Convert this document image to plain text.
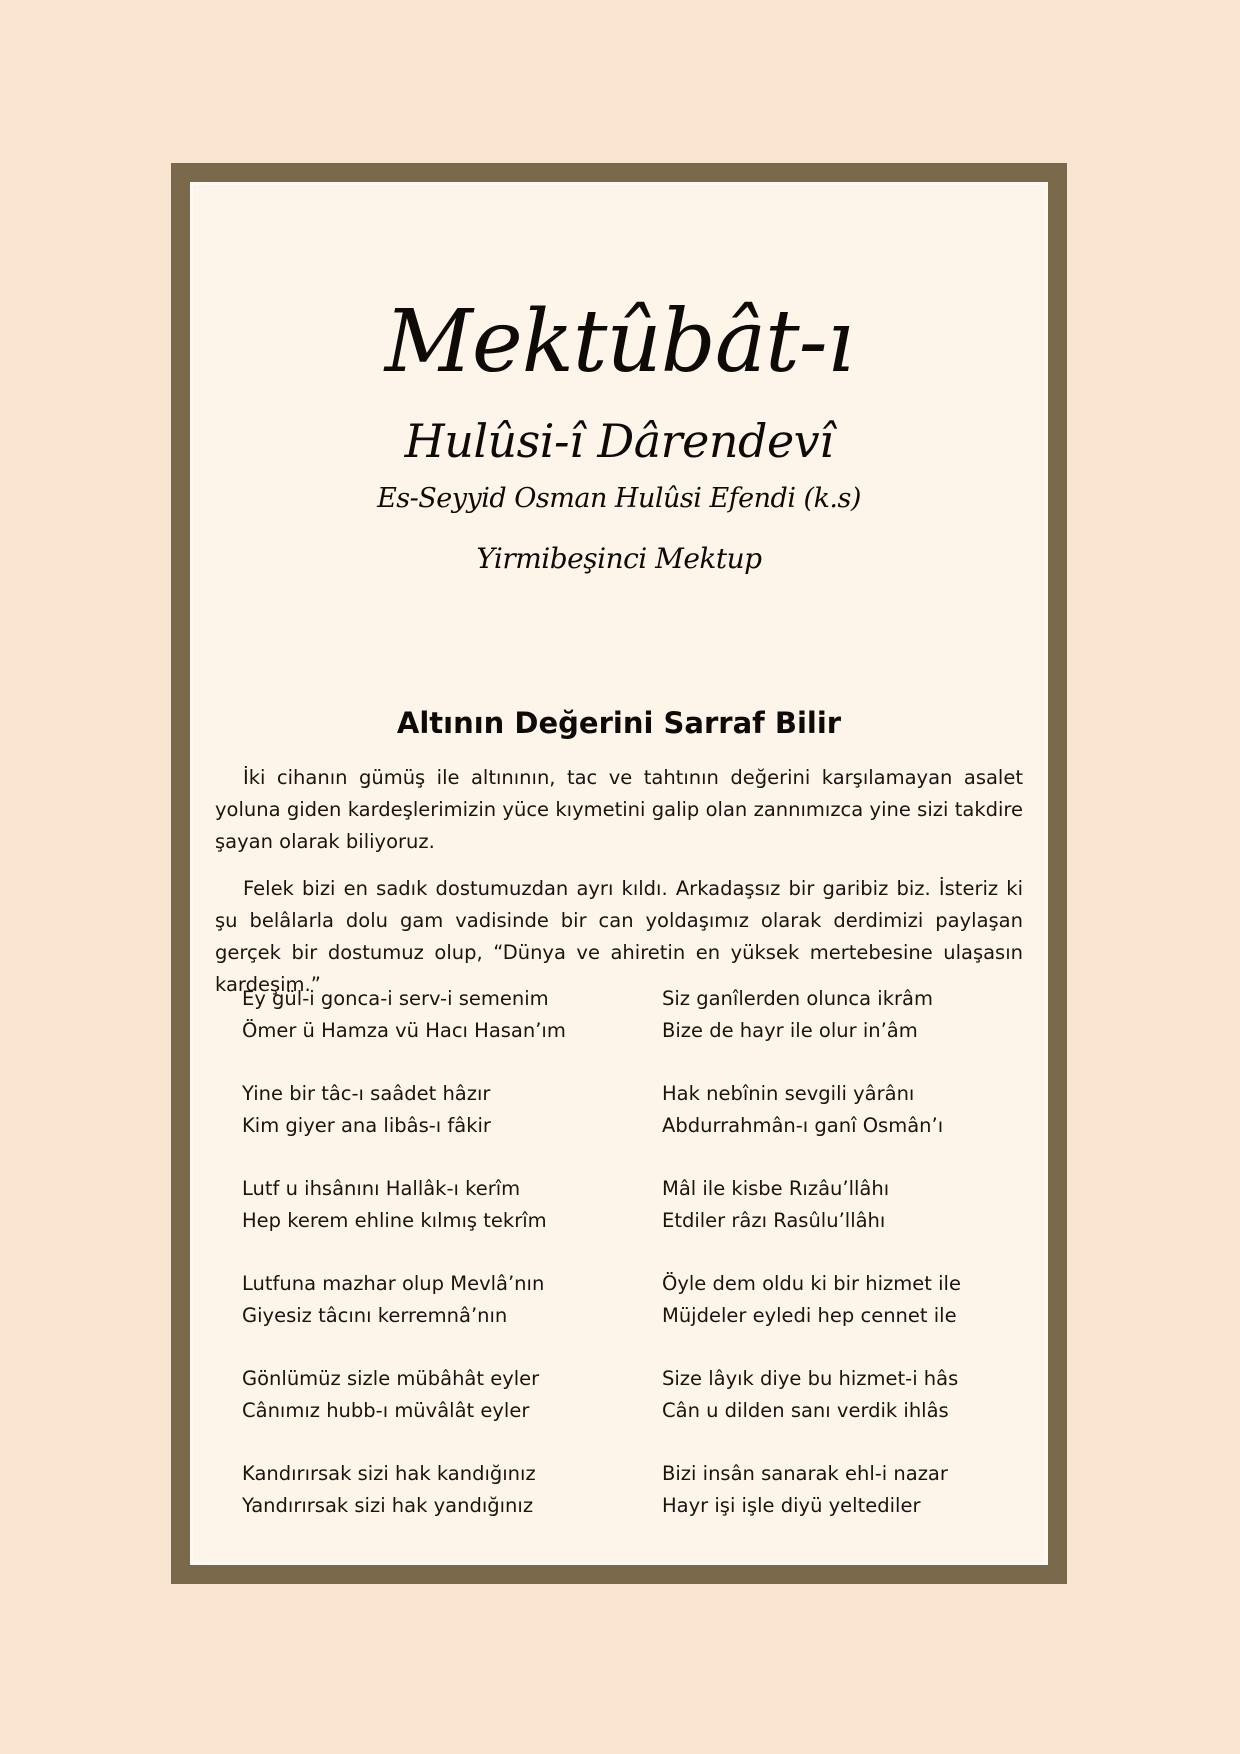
Mektûbât-ı
Hulûsi-î Dârendevî
Es-Seyyid Osman Hulûsi Efendi (k.s)
Yirmibeşinci Mektup
Altının Değerini Sarraf Bilir

İki cihanın gümüş ile altınının, tac ve tahtının değerini karşılamayan asalet yoluna giden kardeşlerimizin yüce kıymetini galip olan zannımızca yine sizi takdire şayan olarak biliyoruz.

Felek bizi en sadık dostumuzdan ayrı kıldı. Arkadaşsız bir garibiz biz. İsteriz ki şu belâlarla dolu gam vadisinde bir can yoldaşımız olarak derdimizi paylaşan gerçek bir dostumuz olup, “Dünya ve ahiretin en yüksek mertebesine ulaşasın kardeşim.”

Ey gül-i gonca-i serv-i semenim
Ömer ü Hamza vü Hacı Hasan’ım
Siz ganîlerden olunca ikrâm
Bize de hayr ile olur in’âm
Yine bir tâc-ı saâdet hâzır
Kim giyer ana libâs-ı fâkir
Hak nebînin sevgili yârânı
Abdurrahmân-ı ganî Osmân’ı
Lutf u ihsânını Hallâk-ı kerîm
Hep kerem ehline kılmış tekrîm
Mâl ile kisbe Rızâu’llâhı
Etdiler râzı Rasûlu’llâhı
Lutfuna mazhar olup Mevlâ’nın
Giyesiz tâcını kerremnâ’nın
Öyle dem oldu ki bir hizmet ile
Müjdeler eyledi hep cennet ile
Gönlümüz sizle mübâhât eyler
Cânımız hubb-ı müvâlât eyler
Size lâyık diye bu hizmet-i hâs
Cân u dilden sanı verdik ihlâs
Kandırırsak sizi hak kandığınız
Yandırırsak sizi hak yandığınız
Bizi insân sanarak ehl-i nazar
Hayr işi işle diyü yeltediler
